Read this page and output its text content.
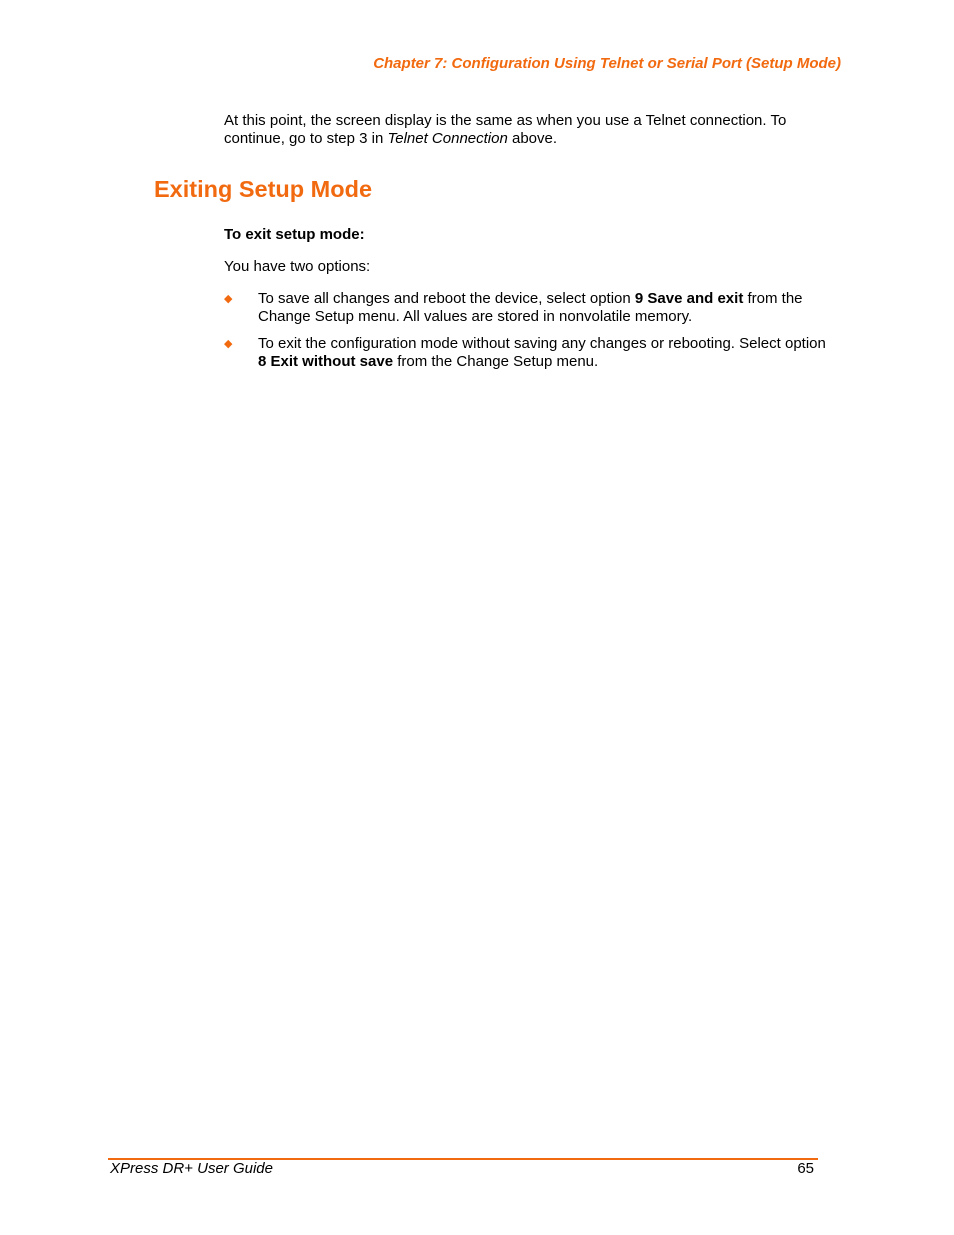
Chapter 7: Configuration Using Telnet or Serial Port (Setup Mode)

At this point, the screen display is the same as when you use a Telnet connection. To continue, go to step 3 in Telnet Connection above.

Exiting Setup Mode
To exit setup mode:
You have two options:
◆ To save all changes and reboot the device, select option 9 Save and exit from the Change Setup menu. All values are stored in nonvolatile memory.
◆ To exit the configuration mode without saving any changes or rebooting. Select option 8 Exit without save from the Change Setup menu.
XPress DR+ User Guide	65
